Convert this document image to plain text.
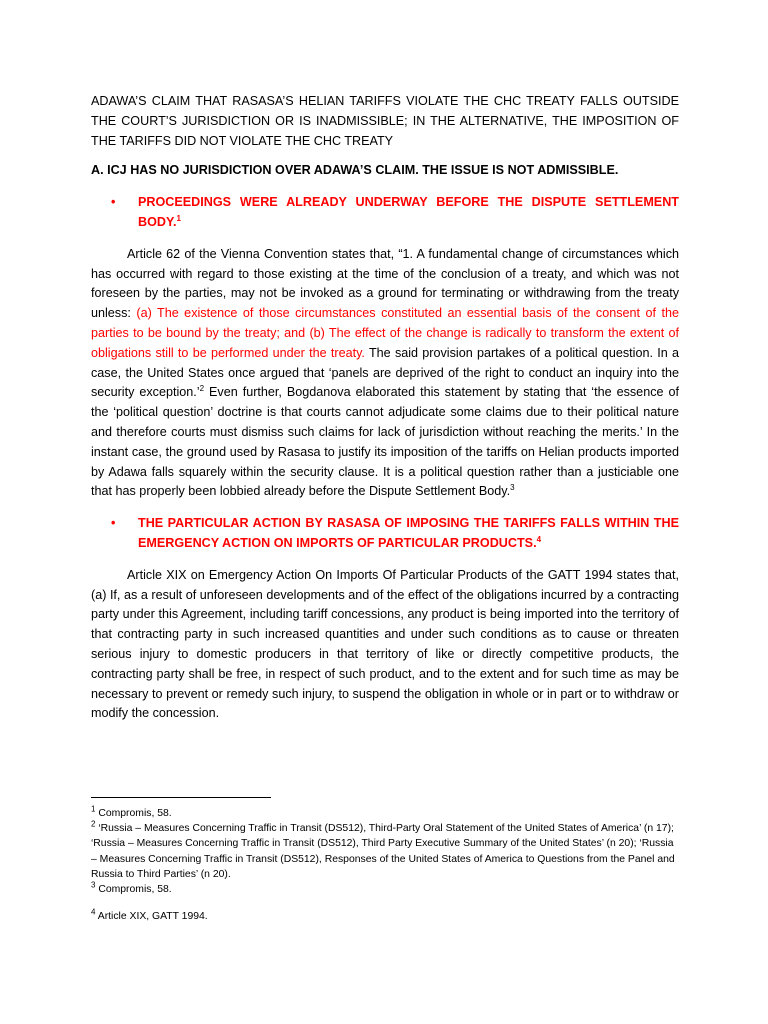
ADAWA’S CLAIM THAT RASASA’S HELIAN TARIFFS VIOLATE THE CHC TREATY FALLS OUTSIDE THE COURT’S JURISDICTION OR IS INADMISSIBLE; IN THE ALTERNATIVE, THE IMPOSITION OF THE TARIFFS DID NOT VIOLATE THE CHC TREATY

A. ICJ HAS NO JURISDICTION OVER ADAWA’S CLAIM. THE ISSUE IS NOT ADMISSIBLE.

•	PROCEEDINGS WERE ALREADY UNDERWAY BEFORE THE DISPUTE SETTLEMENT BODY.$^1$

Article 62 of the Vienna Convention states that, “1. A fundamental change of circumstances which has occurred with regard to those existing at the time of the conclusion of a treaty, and which was not foreseen by the parties, may not be invoked as a ground for terminating or withdrawing from the treaty unless: (a) The existence of those circumstances constituted an essential basis of the consent of the parties to be bound by the treaty; and (b) The effect of the change is radically to transform the extent of obligations still to be performed under the treaty. The said provision partakes of a political question. In a case, the United States once argued that ‘panels are deprived of the right to conduct an inquiry into the security exception.’$^2$ Even further, Bogdanova elaborated this statement by stating that ‘the essence of the ‘political question’ doctrine is that courts cannot adjudicate some claims due to their political nature and therefore courts must dismiss such claims for lack of jurisdiction without reaching the merits.’ In the instant case, the ground used by Rasasa to justify its imposition of the tariffs on Helian products imported by Adawa falls squarely within the security clause. It is a political question rather than a justiciable one that has properly been lobbied already before the Dispute Settlement Body.$^3$

•	THE PARTICULAR ACTION BY RASASA OF IMPOSING THE TARIFFS FALLS WITHIN THE EMERGENCY ACTION ON IMPORTS OF PARTICULAR PRODUCTS.$^4$

Article XIX on Emergency Action On Imports Of Particular Products of the GATT 1994 states that, (a) If, as a result of unforeseen developments and of the effect of the obligations incurred by a contracting party under this Agreement, including tariff concessions, any product is being imported into the territory of that contracting party in such increased quantities and under such conditions as to cause or threaten serious injury to domestic producers in that territory of like or directly competitive products, the contracting party shall be free, in respect of such product, and to the extent and for such time as may be necessary to prevent or remedy such injury, to suspend the obligation in whole or in part or to withdraw or modify the concession.

$^1$ Compromis, 58.

$^2$ ‘Russia – Measures Concerning Traffic in Transit (DS512), Third-Party Oral Statement of the United States of America’ (n 17); ‘Russia – Measures Concerning Traffic in Transit (DS512), Third Party Executive Summary of the United States’ (n 20); ‘Russia – Measures Concerning Traffic in Transit (DS512), Responses of the United States of America to Questions from the Panel and Russia to Third Parties’ (n 20).

$^3$ Compromis, 58.

$^4$ Article XIX, GATT 1994.
